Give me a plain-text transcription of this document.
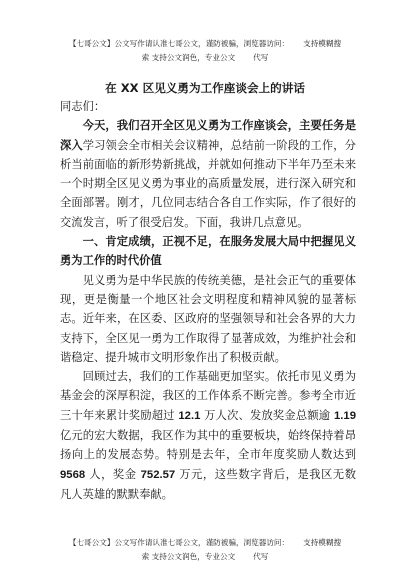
【七哥公文】公文写作请认准七哥公文，谨防被骗，浏览器访问： 支持模糊搜
索 支持公文润色，专业公文 代写
在 XX 区见义勇为工作座谈会上的讲话

同志们：

今天，我们召开全区见义勇为工作座谈会，主要任务是深入学习领会全市相关会议精神，总结前一阶段的工作，分析当前面临的新形势新挑战，并就如何推动下半年乃至未来一个时期全区见义勇为事业的高质量发展，进行深入研究和全面部署。刚才，几位同志结合各自工作实际，作了很好的交流发言，听了很受启发。下面，我讲几点意见。

一、肯定成绩，正视不足，在服务发展大局中把握见义勇为工作的时代价值

见义勇为是中华民族的传统美德，是社会正气的重要体现，更是衡量一个地区社会文明程度和精神风貌的显著标志。近年来，在区委、区政府的坚强领导和社会各界的大力支持下，全区见一勇为工作取得了显著成效，为维护社会和谐稳定、提升城市文明形象作出了积极贡献。

回顾过去，我们的工作基础更加坚实。依托市见义勇为基金会的深厚积淀，我区的工作体系不断完善。参考全市近三十年来累计奖励超过 12.1 万人次、发放奖金总额逾 1.19 亿元的宏大数据，我区作为其中的重要板块，始终保持着昂扬向上的发展态势。特别是去年，全市年度奖励人数达到 9568 人，奖金 752.57 万元，这些数字背后，是我区无数凡人英雄的默默奉献。

【七哥公文】公文写作请认准七哥公文，谨防被骗，浏览器访问： 支持模糊搜
索 支持公文润色，专业公文 代写
